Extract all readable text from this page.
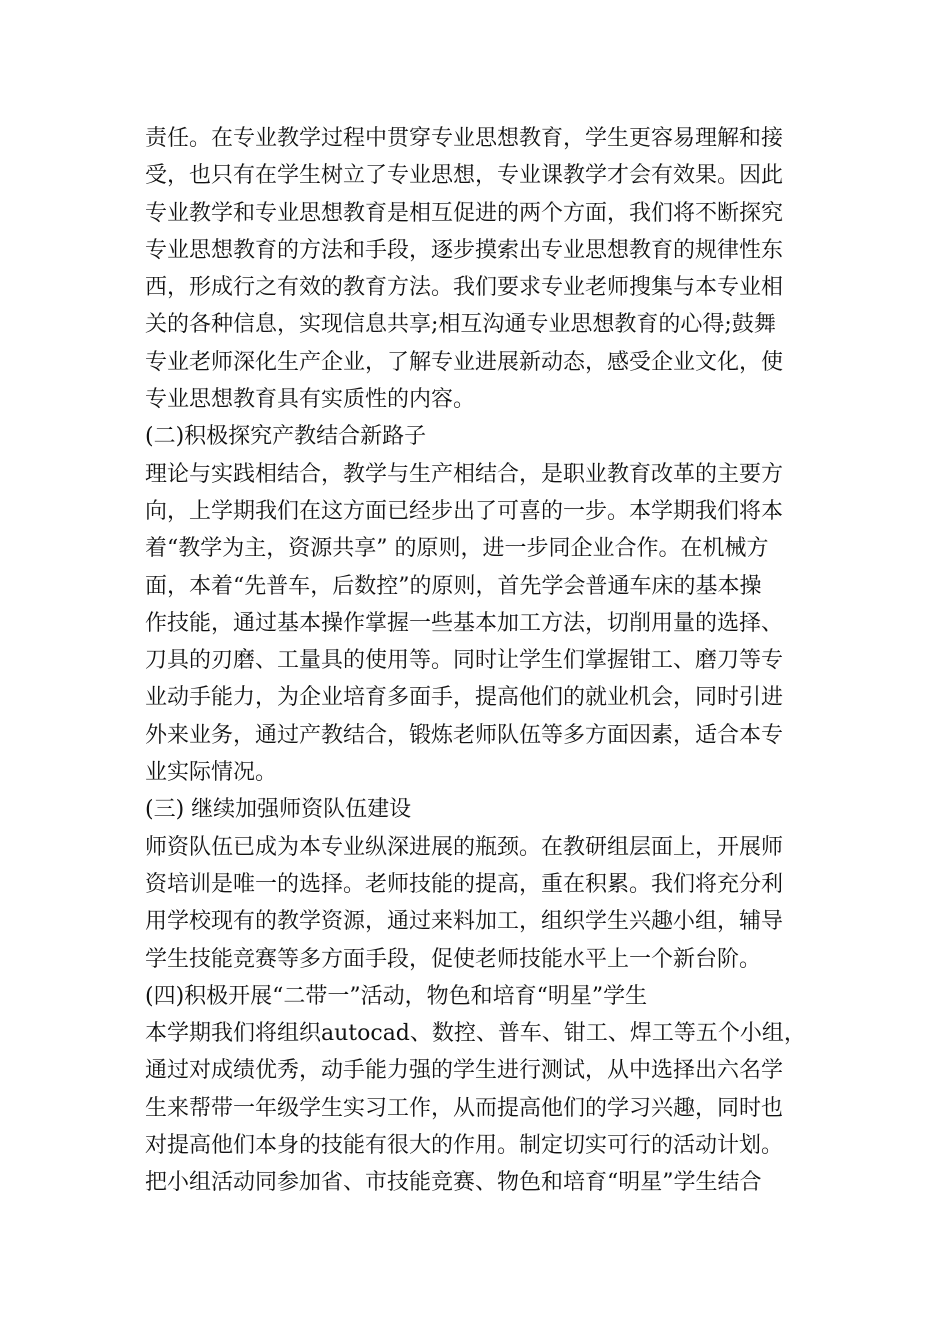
责任。在专业教学过程中贯穿专业思想教育，学生更容易理解和接
受，也只有在学生树立了专业思想，专业课教学才会有效果。因此
专业教学和专业思想教育是相互促进的两个方面，我们将不断探究
专业思想教育的方法和手段，逐步摸索出专业思想教育的规律性东
西，形成行之有效的教育方法。我们要求专业老师搜集与本专业相
关的各种信息，实现信息共享;相互沟通专业思想教育的心得;鼓舞
专业老师深化生产企业，了解专业进展新动态，感受企业文化，使
专业思想教育具有实质性的内容。
(二)积极探究产教结合新路子
理论与实践相结合，教学与生产相结合，是职业教育改革的主要方
向，上学期我们在这方面已经步出了可喜的一步。本学期我们将本
着“教学为主，资源共享” 的原则，进一步同企业合作。在机械方
面，本着“先普车，后数控”的原则，首先学会普通车床的基本操
作技能，通过基本操作掌握一些基本加工方法，切削用量的选择、
刀具的刃磨、工量具的使用等。同时让学生们掌握钳工、磨刀等专
业动手能力，为企业培育多面手，提高他们的就业机会，同时引进
外来业务，通过产教结合，锻炼老师队伍等多方面因素，适合本专
业实际情况。
(三) 继续加强师资队伍建设
师资队伍已成为本专业纵深进展的瓶颈。在教研组层面上，开展师
资培训是唯一的选择。老师技能的提高，重在积累。我们将充分利
用学校现有的教学资源，通过来料加工，组织学生兴趣小组，辅导
学生技能竞赛等多方面手段，促使老师技能水平上一个新台阶。
(四)积极开展“二带一”活动，物色和培育“明星”学生
本学期我们将组织autocad、数控、普车、钳工、焊工等五个小组，
通过对成绩优秀，动手能力强的学生进行测试，从中选择出六名学
生来帮带一年级学生实习工作，从而提高他们的学习兴趣，同时也
对提高他们本身的技能有很大的作用。制定切实可行的活动计划。
把小组活动同参加省、市技能竞赛、物色和培育“明星”学生结合
